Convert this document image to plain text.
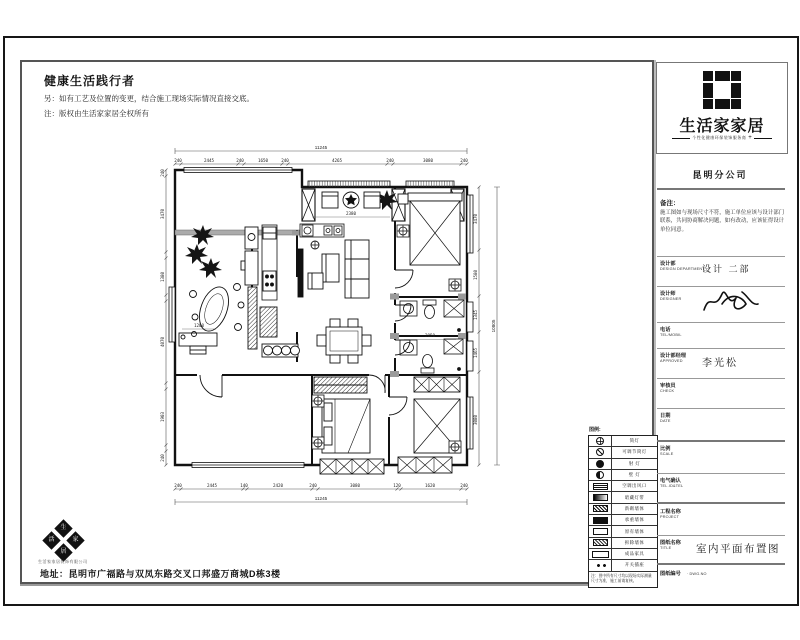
健康生活践行者
另：如有工艺及位置的变更，结合施工现场实际情况直接交底。
注：版权由生活家家居全权所有
11245
240	2445	240	1650	240	4265	240	3080	240
240	2445	140	2420	240	3080	120	1620	240
11245
240
3470
1380
4070
1903
240
3470
1580
1345
1465
3080
10805
2380
2050
1200
图例:
筒灯
可调节筒灯
射 灯
壁 灯
空调出风口
暗藏灯带
新砌墙体
承重墙体
原有墙体
拆除墙体
成品家具
开关插座
注：图中所有尺寸均以现场实际测量尺寸为准，施工前请复核。
生
活	家
居
生活家家居装饰有限公司
地址：昆明市广福路与双凤东路交叉口邦盛万商城D栋3楼
生活家家居
个性化健康环保装饰服务商 +
昆明分公司
备注：
施工图如与现场尺寸不符，施工单位应该与设计部门联系，共同协商解决问题，如有改动，应该征得设计单位同意。
设计部
DESIGN DEPARTMENT
设计 二部
设计师
DESIGNER
电话
TEL/MOBIL
设计部经理
APPROVED	李光松
审核员
CHECK
日期
DATE
比例
SCALE
电气确认
TEL.ID&TEL
工程名称
PROJECT
图纸名称
TITLE	室内平面布置图
图纸编号 · DWG.NO
